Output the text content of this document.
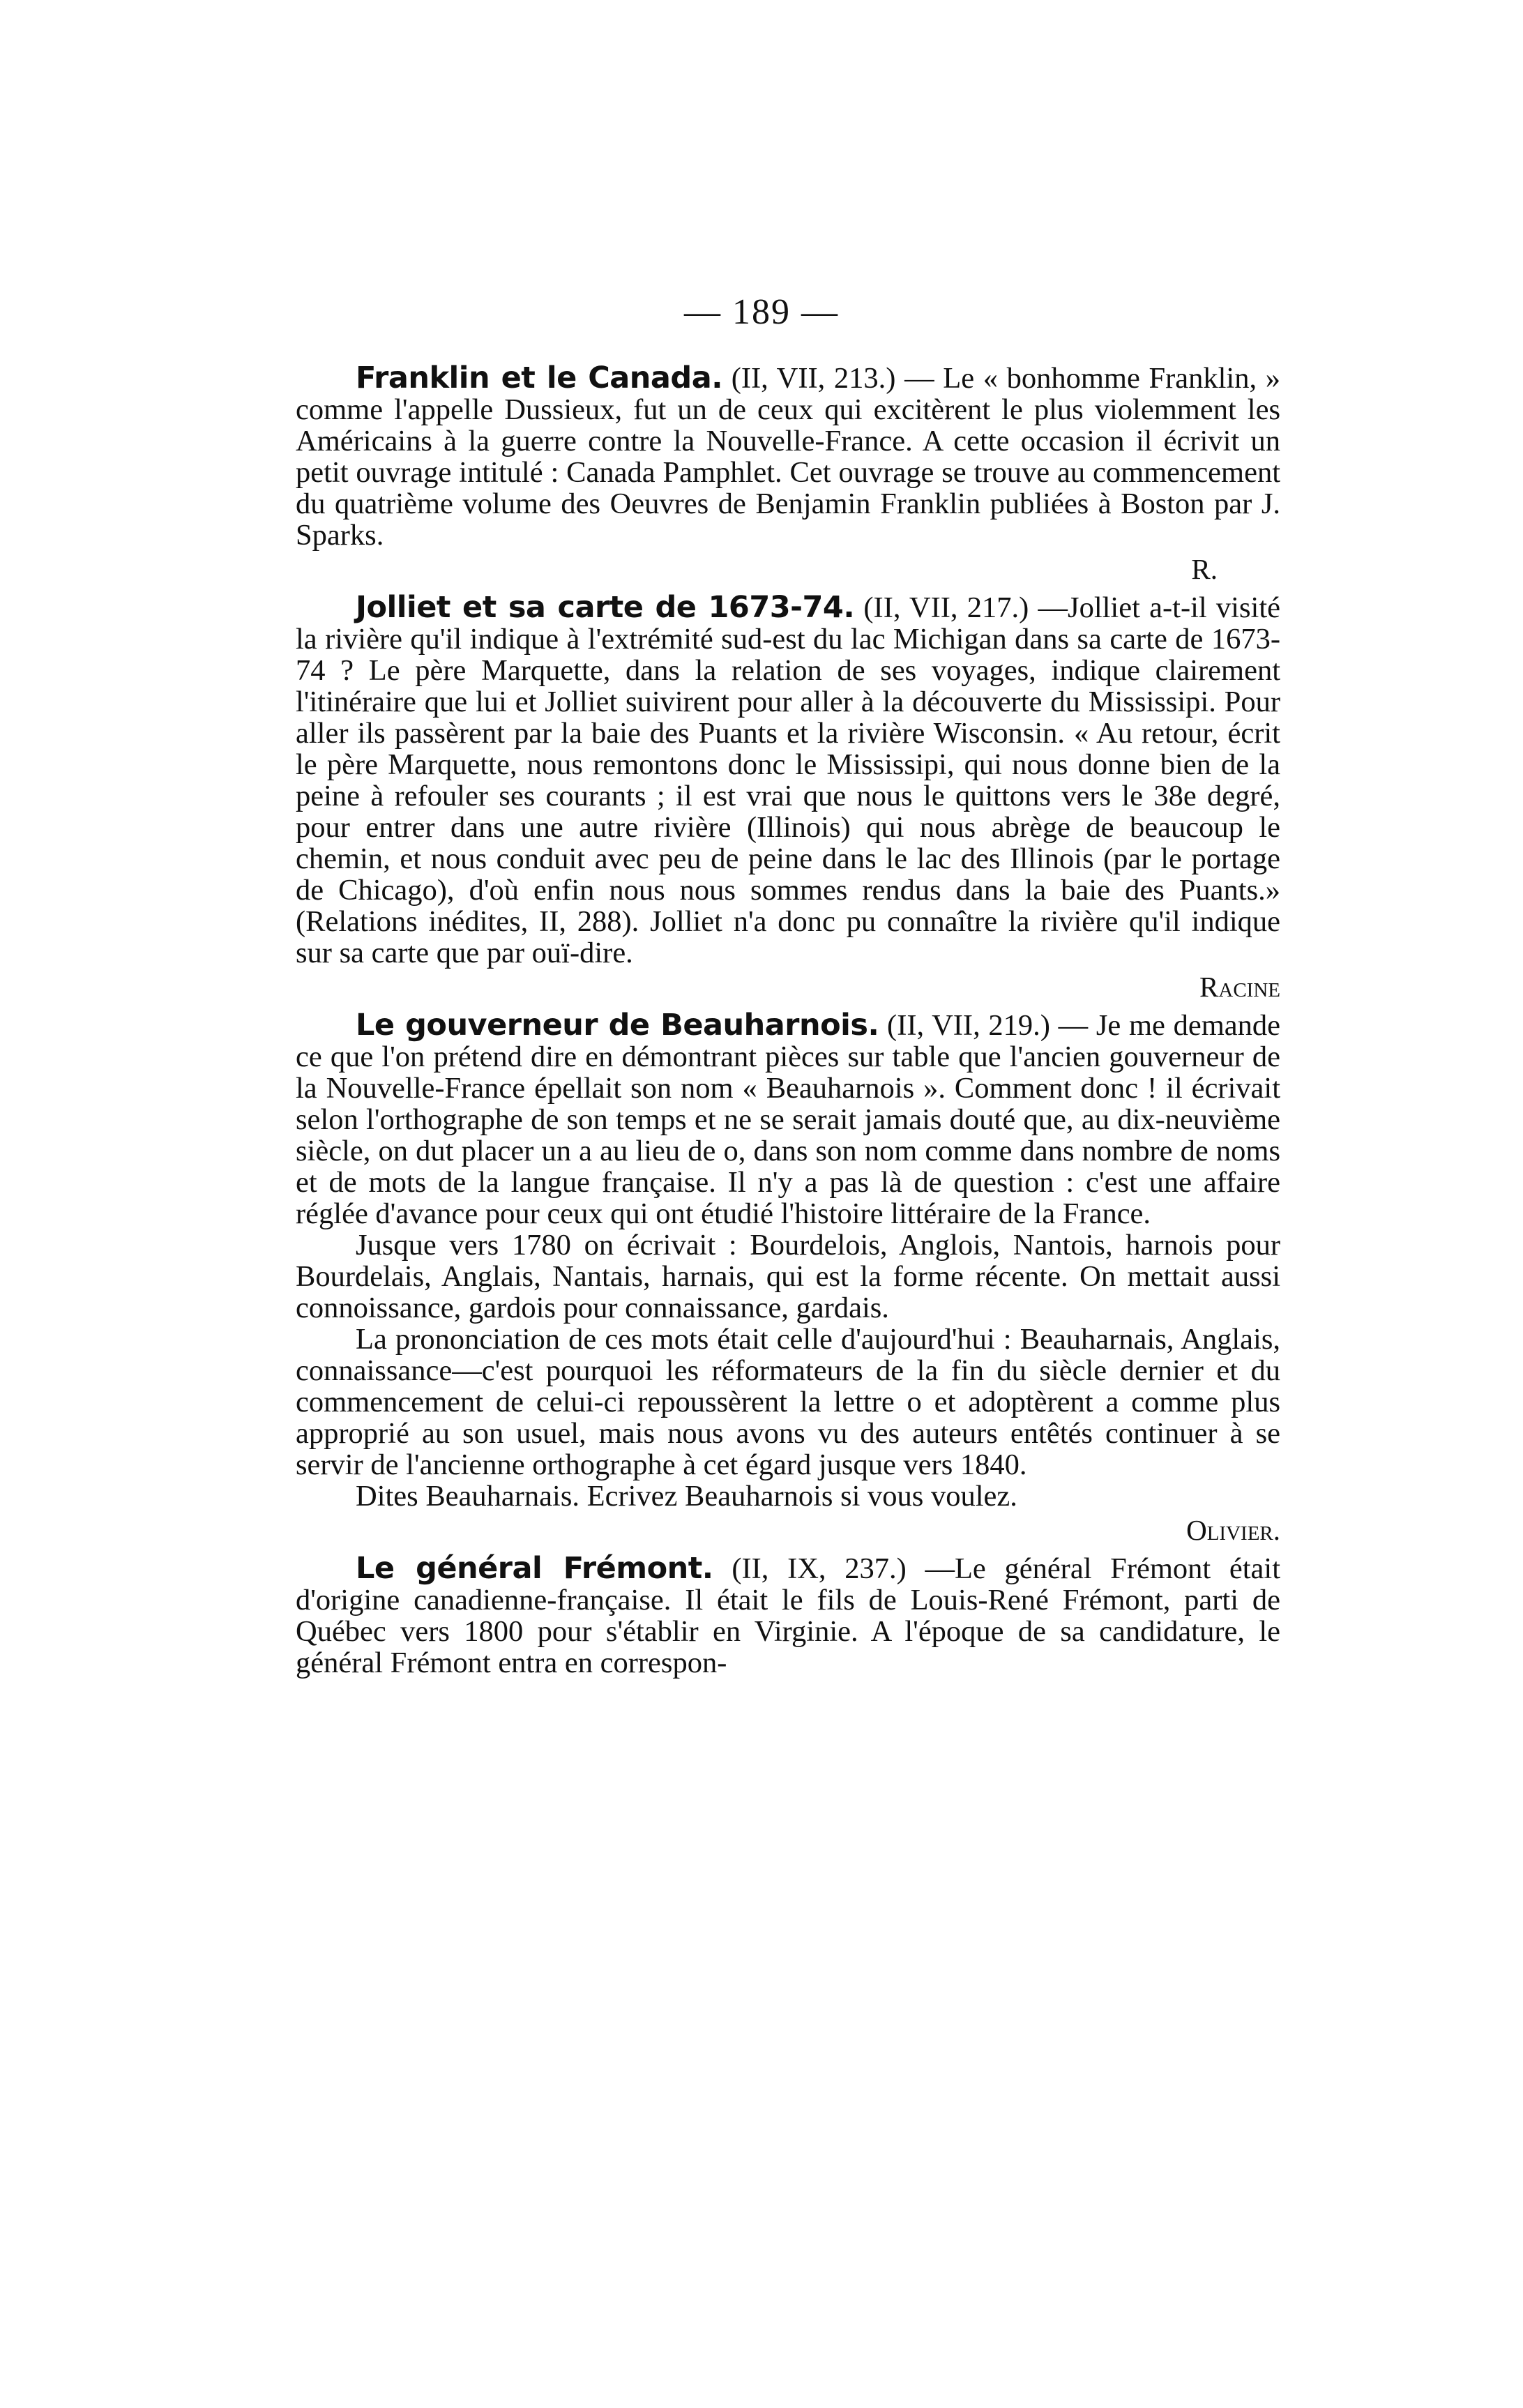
— 189 —

Franklin et le Canada. (II, VII, 213.) — Le « bonhomme Franklin, » comme l'appelle Dussieux, fut un de ceux qui excitèrent le plus violemment les Américains à la guerre contre la Nouvelle-France. A cette occasion il écrivit un petit ouvrage intitulé : Canada Pamphlet. Cet ouvrage se trouve au commencement du quatrième volume des Oeuvres de Benjamin Franklin publiées à Boston par J. Sparks.

R.

Jolliet et sa carte de 1673-74. (II, VII, 217.) —Jolliet a-t-il visité la rivière qu'il indique à l'extrémité sud-est du lac Michigan dans sa carte de 1673-74 ? Le père Marquette, dans la relation de ses voyages, indique clairement l'itinéraire que lui et Jolliet suivirent pour aller à la découverte du Mississipi. Pour aller ils passèrent par la baie des Puants et la rivière Wisconsin. « Au retour, écrit le père Marquette, nous remontons donc le Mississipi, qui nous donne bien de la peine à refouler ses courants ; il est vrai que nous le quittons vers le 38e degré, pour entrer dans une autre rivière (Illinois) qui nous abrège de beaucoup le chemin, et nous conduit avec peu de peine dans le lac des Illinois (par le portage de Chicago), d'où enfin nous nous sommes rendus dans la baie des Puants.» (Relations inédites, II, 288). Jolliet n'a donc pu connaître la rivière qu'il indique sur sa carte que par ouï-dire.

Racine

Le gouverneur de Beauharnois. (II, VII, 219.) — Je me demande ce que l'on prétend dire en démontrant pièces sur table que l'ancien gouverneur de la Nouvelle-France épellait son nom « Beauharnois ». Comment donc ! il écrivait selon l'orthographe de son temps et ne se serait jamais douté que, au dix-neuvième siècle, on dut placer un a au lieu de o, dans son nom comme dans nombre de noms et de mots de la langue française. Il n'y a pas là de question : c'est une affaire réglée d'avance pour ceux qui ont étudié l'histoire littéraire de la France.

Jusque vers 1780 on écrivait : Bourdelois, Anglois, Nantois, harnois pour Bourdelais, Anglais, Nantais, harnais, qui est la forme récente. On mettait aussi connoissance, gardois pour connaissance, gardais.

La prononciation de ces mots était celle d'aujourd'hui : Beauharnais, Anglais, connaissance—c'est pourquoi les réformateurs de la fin du siècle dernier et du commencement de celui-ci repoussèrent la lettre o et adoptèrent a comme plus approprié au son usuel, mais nous avons vu des auteurs entêtés continuer à se servir de l'ancienne orthographe à cet égard jusque vers 1840.

Dites Beauharnais. Ecrivez Beauharnois si vous voulez.

Olivier.

Le général Frémont. (II, IX, 237.) —Le général Frémont était d'origine canadienne-française. Il était le fils de Louis-René Frémont, parti de Québec vers 1800 pour s'établir en Virginie. A l'époque de sa candidature, le général Frémont entra en correspon-
